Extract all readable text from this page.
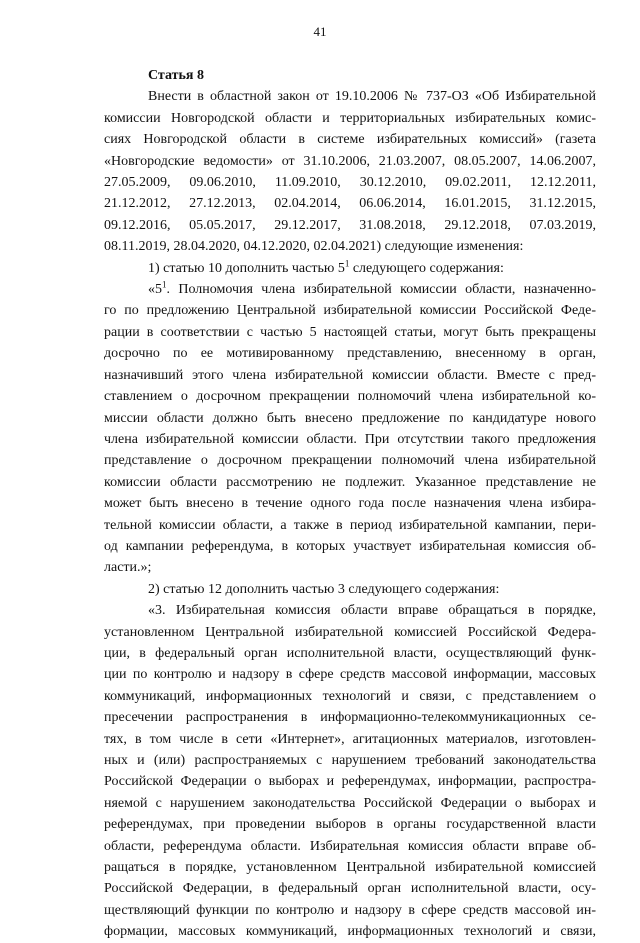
41
Статья 8
Внести в областной закон от 19.10.2006 № 737-ОЗ «Об Избирательной
комиссии Новгородской области и территориальных избирательных комис-
сиях Новгородской области в системе избирательных комиссий» (газета
«Новгородские ведомости» от 31.10.2006, 21.03.2007, 08.05.2007, 14.06.2007,
27.05.2009, 09.06.2010, 11.09.2010, 30.12.2010, 09.02.2011, 12.12.2011,
21.12.2012, 27.12.2013, 02.04.2014, 06.06.2014, 16.01.2015, 31.12.2015,
09.12.2016, 05.05.2017, 29.12.2017, 31.08.2018, 29.12.2018, 07.03.2019,
08.11.2019, 28.04.2020, 04.12.2020, 02.04.2021) следующие изменения:
1) статью 10 дополнить частью $5^1$ следующего содержания:
«$5^1$. Полномочия члена избирательной комиссии области, назначенно-
го по предложению Центральной избирательной комиссии Российской Феде-
рации в соответствии с частью 5 настоящей статьи, могут быть прекращены
досрочно по ее мотивированному представлению, внесенному в орган,
назначивший этого члена избирательной комиссии области. Вместе с пред-
ставлением о досрочном прекращении полномочий члена избирательной ко-
миссии области должно быть внесено предложение по кандидатуре нового
члена избирательной комиссии области. При отсутствии такого предложения
представление о досрочном прекращении полномочий члена избирательной
комиссии области рассмотрению не подлежит. Указанное представление не
может быть внесено в течение одного года после назначения члена избира-
тельной комиссии области, а также в период избирательной кампании, пери-
од кампании референдума, в которых участвует избирательная комиссия об-
ласти.»;
2) статью 12 дополнить частью 3 следующего содержания:
«3. Избирательная комиссия области вправе обращаться в порядке,
установленном Центральной избирательной комиссией Российской Федера-
ции, в федеральный орган исполнительной власти, осуществляющий функ-
ции по контролю и надзору в сфере средств массовой информации, массовых
коммуникаций, информационных технологий и связи, с представлением о
пресечении распространения в информационно-телекоммуникационных се-
тях, в том числе в сети «Интернет», агитационных материалов, изготовлен-
ных и (или) распространяемых с нарушением требований законодательства
Российской Федерации о выборах и референдумах, информации, распростра-
няемой с нарушением законодательства Российской Федерации о выборах и
референдумах, при проведении выборов в органы государственной власти
области, референдума области. Избирательная комиссия области вправе об-
ращаться в порядке, установленном Центральной избирательной комиссией
Российской Федерации, в федеральный орган исполнительной власти, осу-
ществляющий функции по контролю и надзору в сфере средств массовой ин-
формации, массовых коммуникаций, информационных технологий и связи,
